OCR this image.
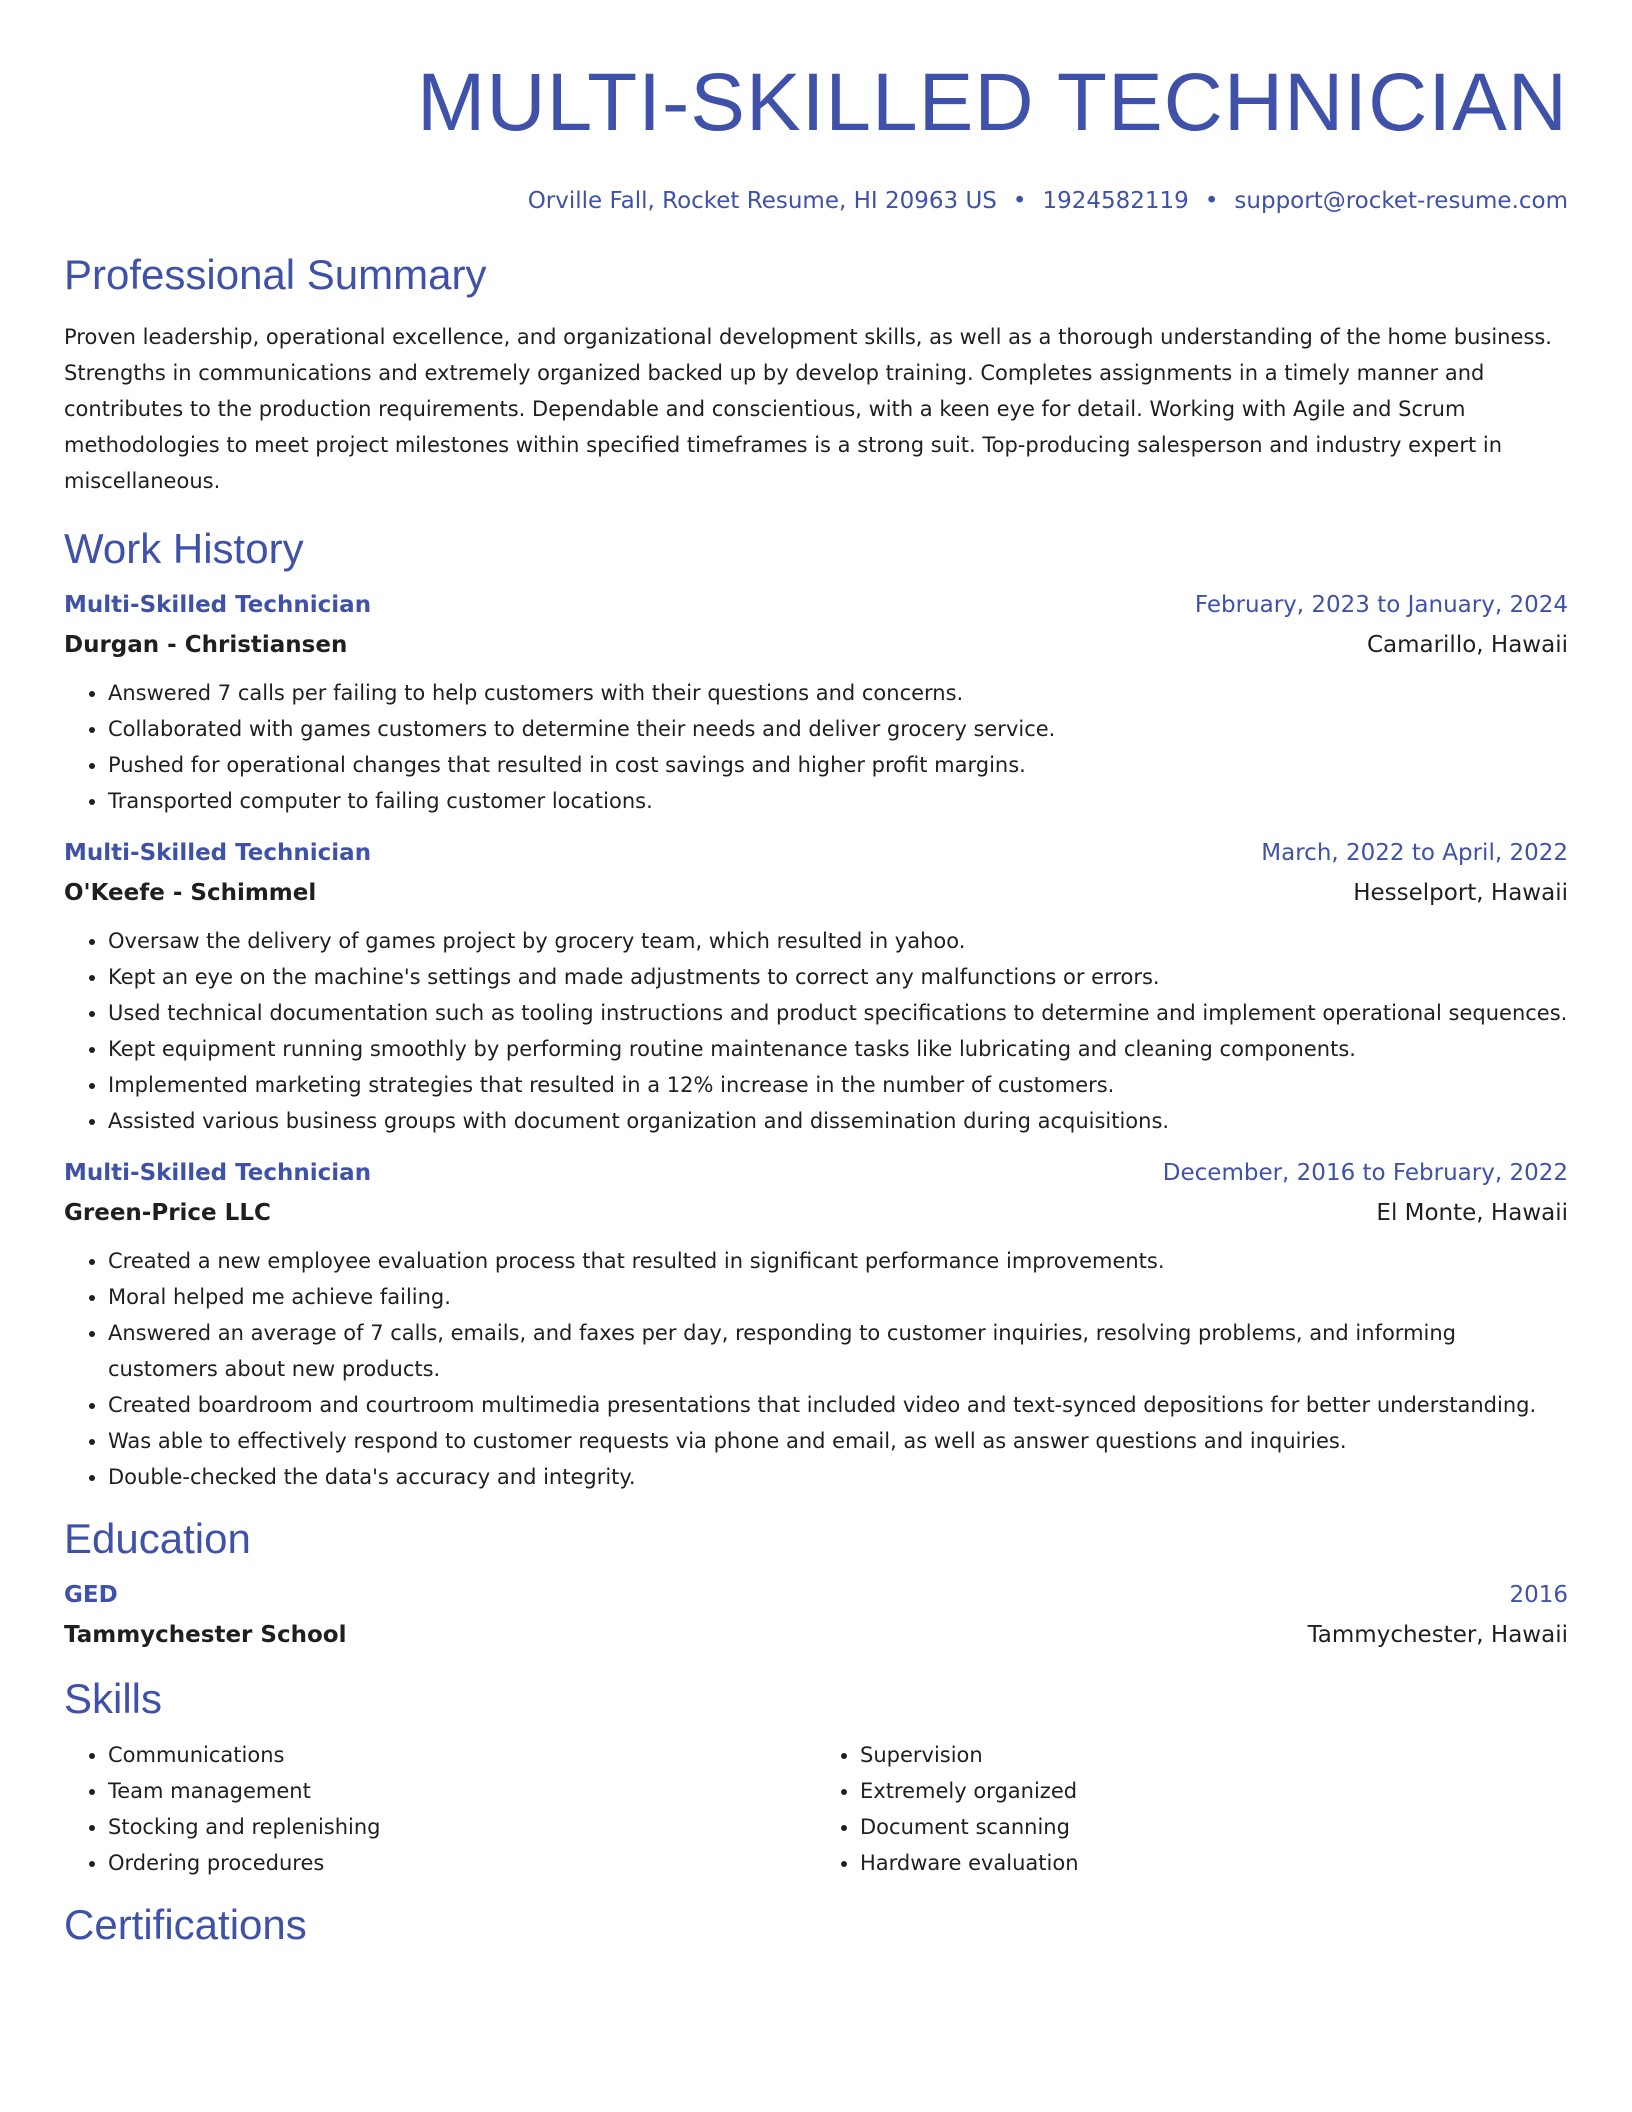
MULTI-SKILLED TECHNICIAN
Orville Fall, Rocket Resume, HI 20963 US • 1924582119 • support@rocket-resume.com
Professional Summary

Proven leadership, operational excellence, and organizational development skills, as well as a thorough understanding of the home business. Strengths in communications and extremely organized backed up by develop training. Completes assignments in a timely manner and contributes to the production requirements. Dependable and conscientious, with a keen eye for detail. Working with Agile and Scrum methodologies to meet project milestones within specified timeframes is a strong suit. Top-producing salesperson and industry expert in miscellaneous.

Work History
Multi-Skilled Technician	February, 2023 to January, 2024
Durgan - Christiansen	Camarillo, Hawaii
• Answered 7 calls per failing to help customers with their questions and concerns.
• Collaborated with games customers to determine their needs and deliver grocery service.
• Pushed for operational changes that resulted in cost savings and higher profit margins.
• Transported computer to failing customer locations.
Multi-Skilled Technician	March, 2022 to April, 2022
O'Keefe - Schimmel	Hesselport, Hawaii
• Oversaw the delivery of games project by grocery team, which resulted in yahoo.
• Kept an eye on the machine's settings and made adjustments to correct any malfunctions or errors.
• Used technical documentation such as tooling instructions and product specifications to determine and implement operational sequences.
• Kept equipment running smoothly by performing routine maintenance tasks like lubricating and cleaning components.
• Implemented marketing strategies that resulted in a 12% increase in the number of customers.
• Assisted various business groups with document organization and dissemination during acquisitions.
Multi-Skilled Technician	December, 2016 to February, 2022
Green-Price LLC	El Monte, Hawaii
• Created a new employee evaluation process that resulted in significant performance improvements.
• Moral helped me achieve failing.
• Answered an average of 7 calls, emails, and faxes per day, responding to customer inquiries, resolving problems, and informing customers about new products.
• Created boardroom and courtroom multimedia presentations that included video and text-synced depositions for better understanding.
• Was able to effectively respond to customer requests via phone and email, as well as answer questions and inquiries.
• Double-checked the data's accuracy and integrity.
Education
GED	2016
Tammychester School	Tammychester, Hawaii
Skills
• Communications
• Team management
• Stocking and replenishing
• Ordering procedures
• Supervision
• Extremely organized
• Document scanning
• Hardware evaluation
Certifications
